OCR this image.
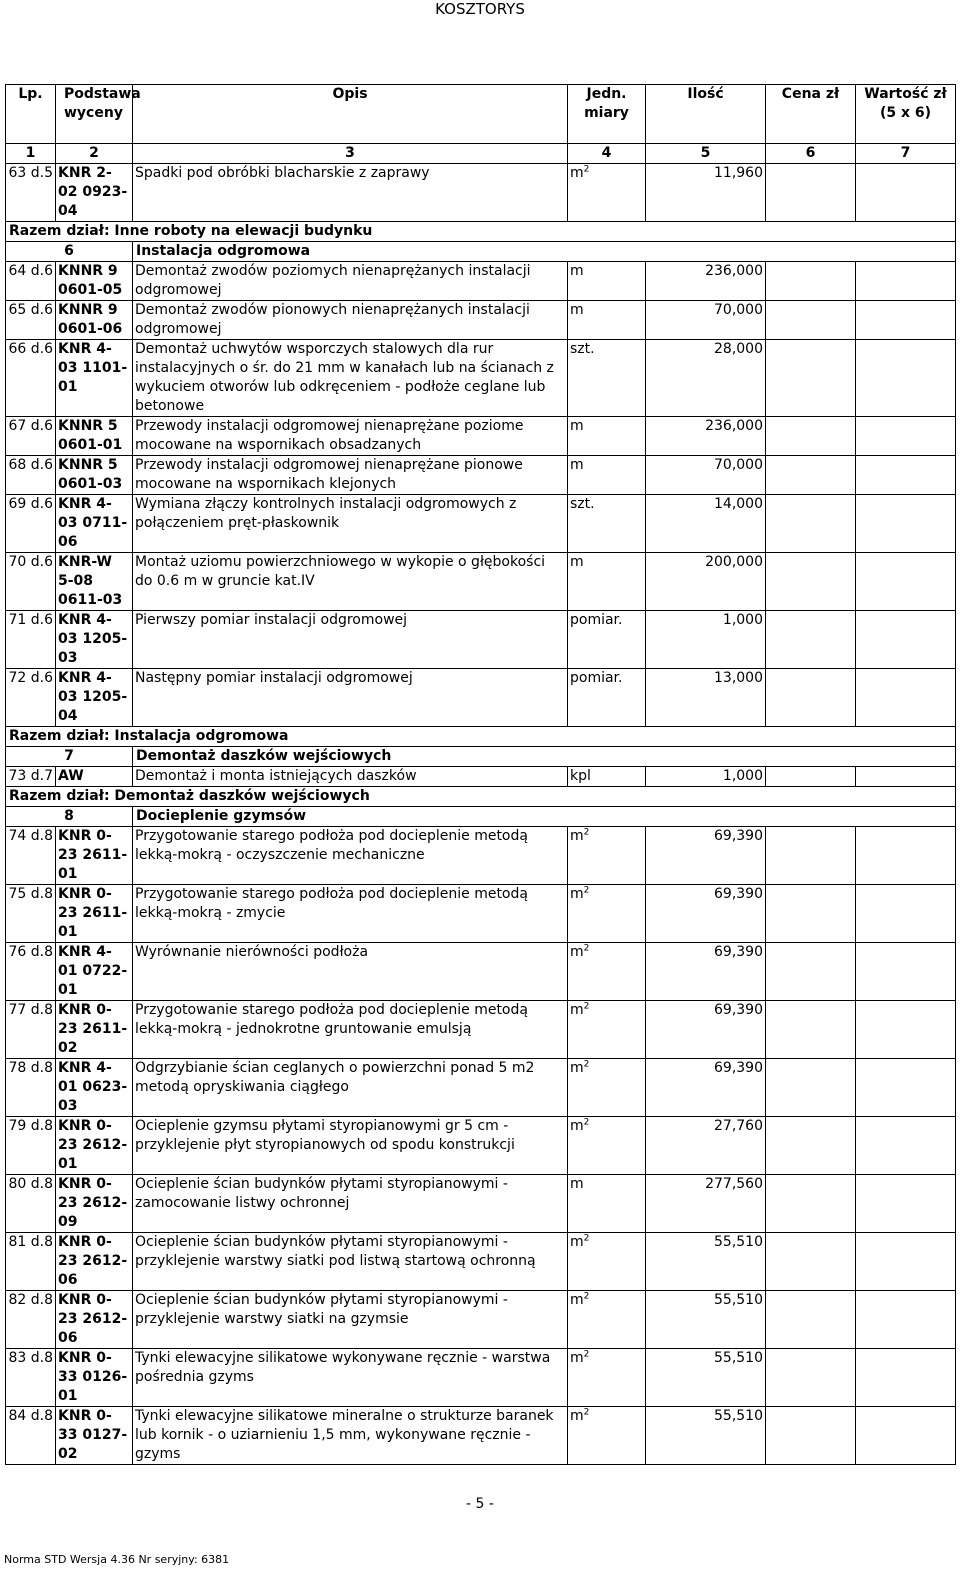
KOSZTORYS
Lp.	Podstawa wyceny	Opis	Jedn. miary	Ilość	Cena zł	Wartość zł (5 x 6)
1	2	3	4	5	6	7
63 d.5	KNR 2-02 0923-04	Spadki pod obróbki blacharskie z zaprawy	$m^2$	11,960		
Razem dział: Inne roboty na elewacji budynku						
6		Instalacja odgromowa				
64 d.6	KNNR 9 0601-05	Demontaż zwodów poziomych nienaprężanych instalacji odgromowej	m	236,000		
65 d.6	KNNR 9 0601-06	Demontaż zwodów pionowych nienaprężanych instalacji odgromowej	m	70,000		
66 d.6	KNR 4-03 1101-01	Demontaż uchwytów wsporczych stalowych dla rur instalacyjnych o śr. do 21 mm w kanałach lub na ścianach z wykuciem otworów lub odkręceniem - podłoże ceglane lub betonowe	szt.	28,000		
67 d.6	KNNR 5 0601-01	Przewody instalacji odgromowej nienaprężane poziome mocowane na wspornikach obsadzanych	m	236,000		
68 d.6	KNNR 5 0601-03	Przewody instalacji odgromowej nienaprężane pionowe mocowane na wspornikach klejonych	m	70,000		
69 d.6	KNR 4-03 0711-06	Wymiana złączy kontrolnych instalacji odgromowych z połączeniem pręt-płaskownik	szt.	14,000		
70 d.6	KNR-W 5-08 0611-03	Montaż uziomu powierzchniowego w wykopie o głębokości do 0.6 m w gruncie kat.IV	m	200,000		
71 d.6	KNR 4-03 1205-03	Pierwszy pomiar instalacji odgromowej	pomiar.	1,000		
72 d.6	KNR 4-03 1205-04	Następny pomiar instalacji odgromowej	pomiar.	13,000		
Razem dział: Instalacja odgromowa						
7		Demontaż daszków wejściowych				
73 d.7	AW	Demontaż i monta istniejących daszków	kpl	1,000		
Razem dział: Demontaż daszków wejściowych						
8		Docieplenie gzymsów				
74 d.8	KNR 0-23 2611-01	Przygotowanie starego podłoża pod docieplenie metodą lekką-mokrą - oczyszczenie mechaniczne	$m^2$	69,390		
75 d.8	KNR 0-23 2611-01	Przygotowanie starego podłoża pod docieplenie metodą lekką-mokrą - zmycie	$m^2$	69,390		
76 d.8	KNR 4-01 0722-01	Wyrównanie nierówności podłoża	$m^2$	69,390		
77 d.8	KNR 0-23 2611-02	Przygotowanie starego podłoża pod docieplenie metodą lekką-mokrą - jednokrotne gruntowanie emulsją	$m^2$	69,390		
78 d.8	KNR 4-01 0623-03	Odgrzybianie ścian ceglanych o powierzchni ponad 5 m2 metodą opryskiwania ciągłego	$m^2$	69,390		
79 d.8	KNR 0-23 2612-01	Ocieplenie gzymsu płytami styropianowymi gr 5 cm - przyklejenie płyt styropianowych od spodu konstrukcji	$m^2$	27,760		
80 d.8	KNR 0-23 2612-09	Ocieplenie ścian budynków płytami styropianowymi - zamocowanie listwy ochronnej	m	277,560		
81 d.8	KNR 0-23 2612-06	Ocieplenie ścian budynków płytami styropianowymi - przyklejenie warstwy siatki pod listwą startową ochronną	$m^2$	55,510		
82 d.8	KNR 0-23 2612-06	Ocieplenie ścian budynków płytami styropianowymi - przyklejenie warstwy siatki na gzymsie	$m^2$	55,510		
83 d.8	KNR 0-33 0126-01	Tynki elewacyjne silikatowe wykonywane ręcznie - warstwa pośrednia gzyms	$m^2$	55,510		
84 d.8	KNR 0-33 0127-02	Tynki elewacyjne silikatowe mineralne o strukturze baranek lub kornik - o uziarnieniu 1,5 mm, wykonywane ręcznie - gzyms	$m^2$	55,510		
- 5 -
Norma STD Wersja 4.36 Nr seryjny: 6381
